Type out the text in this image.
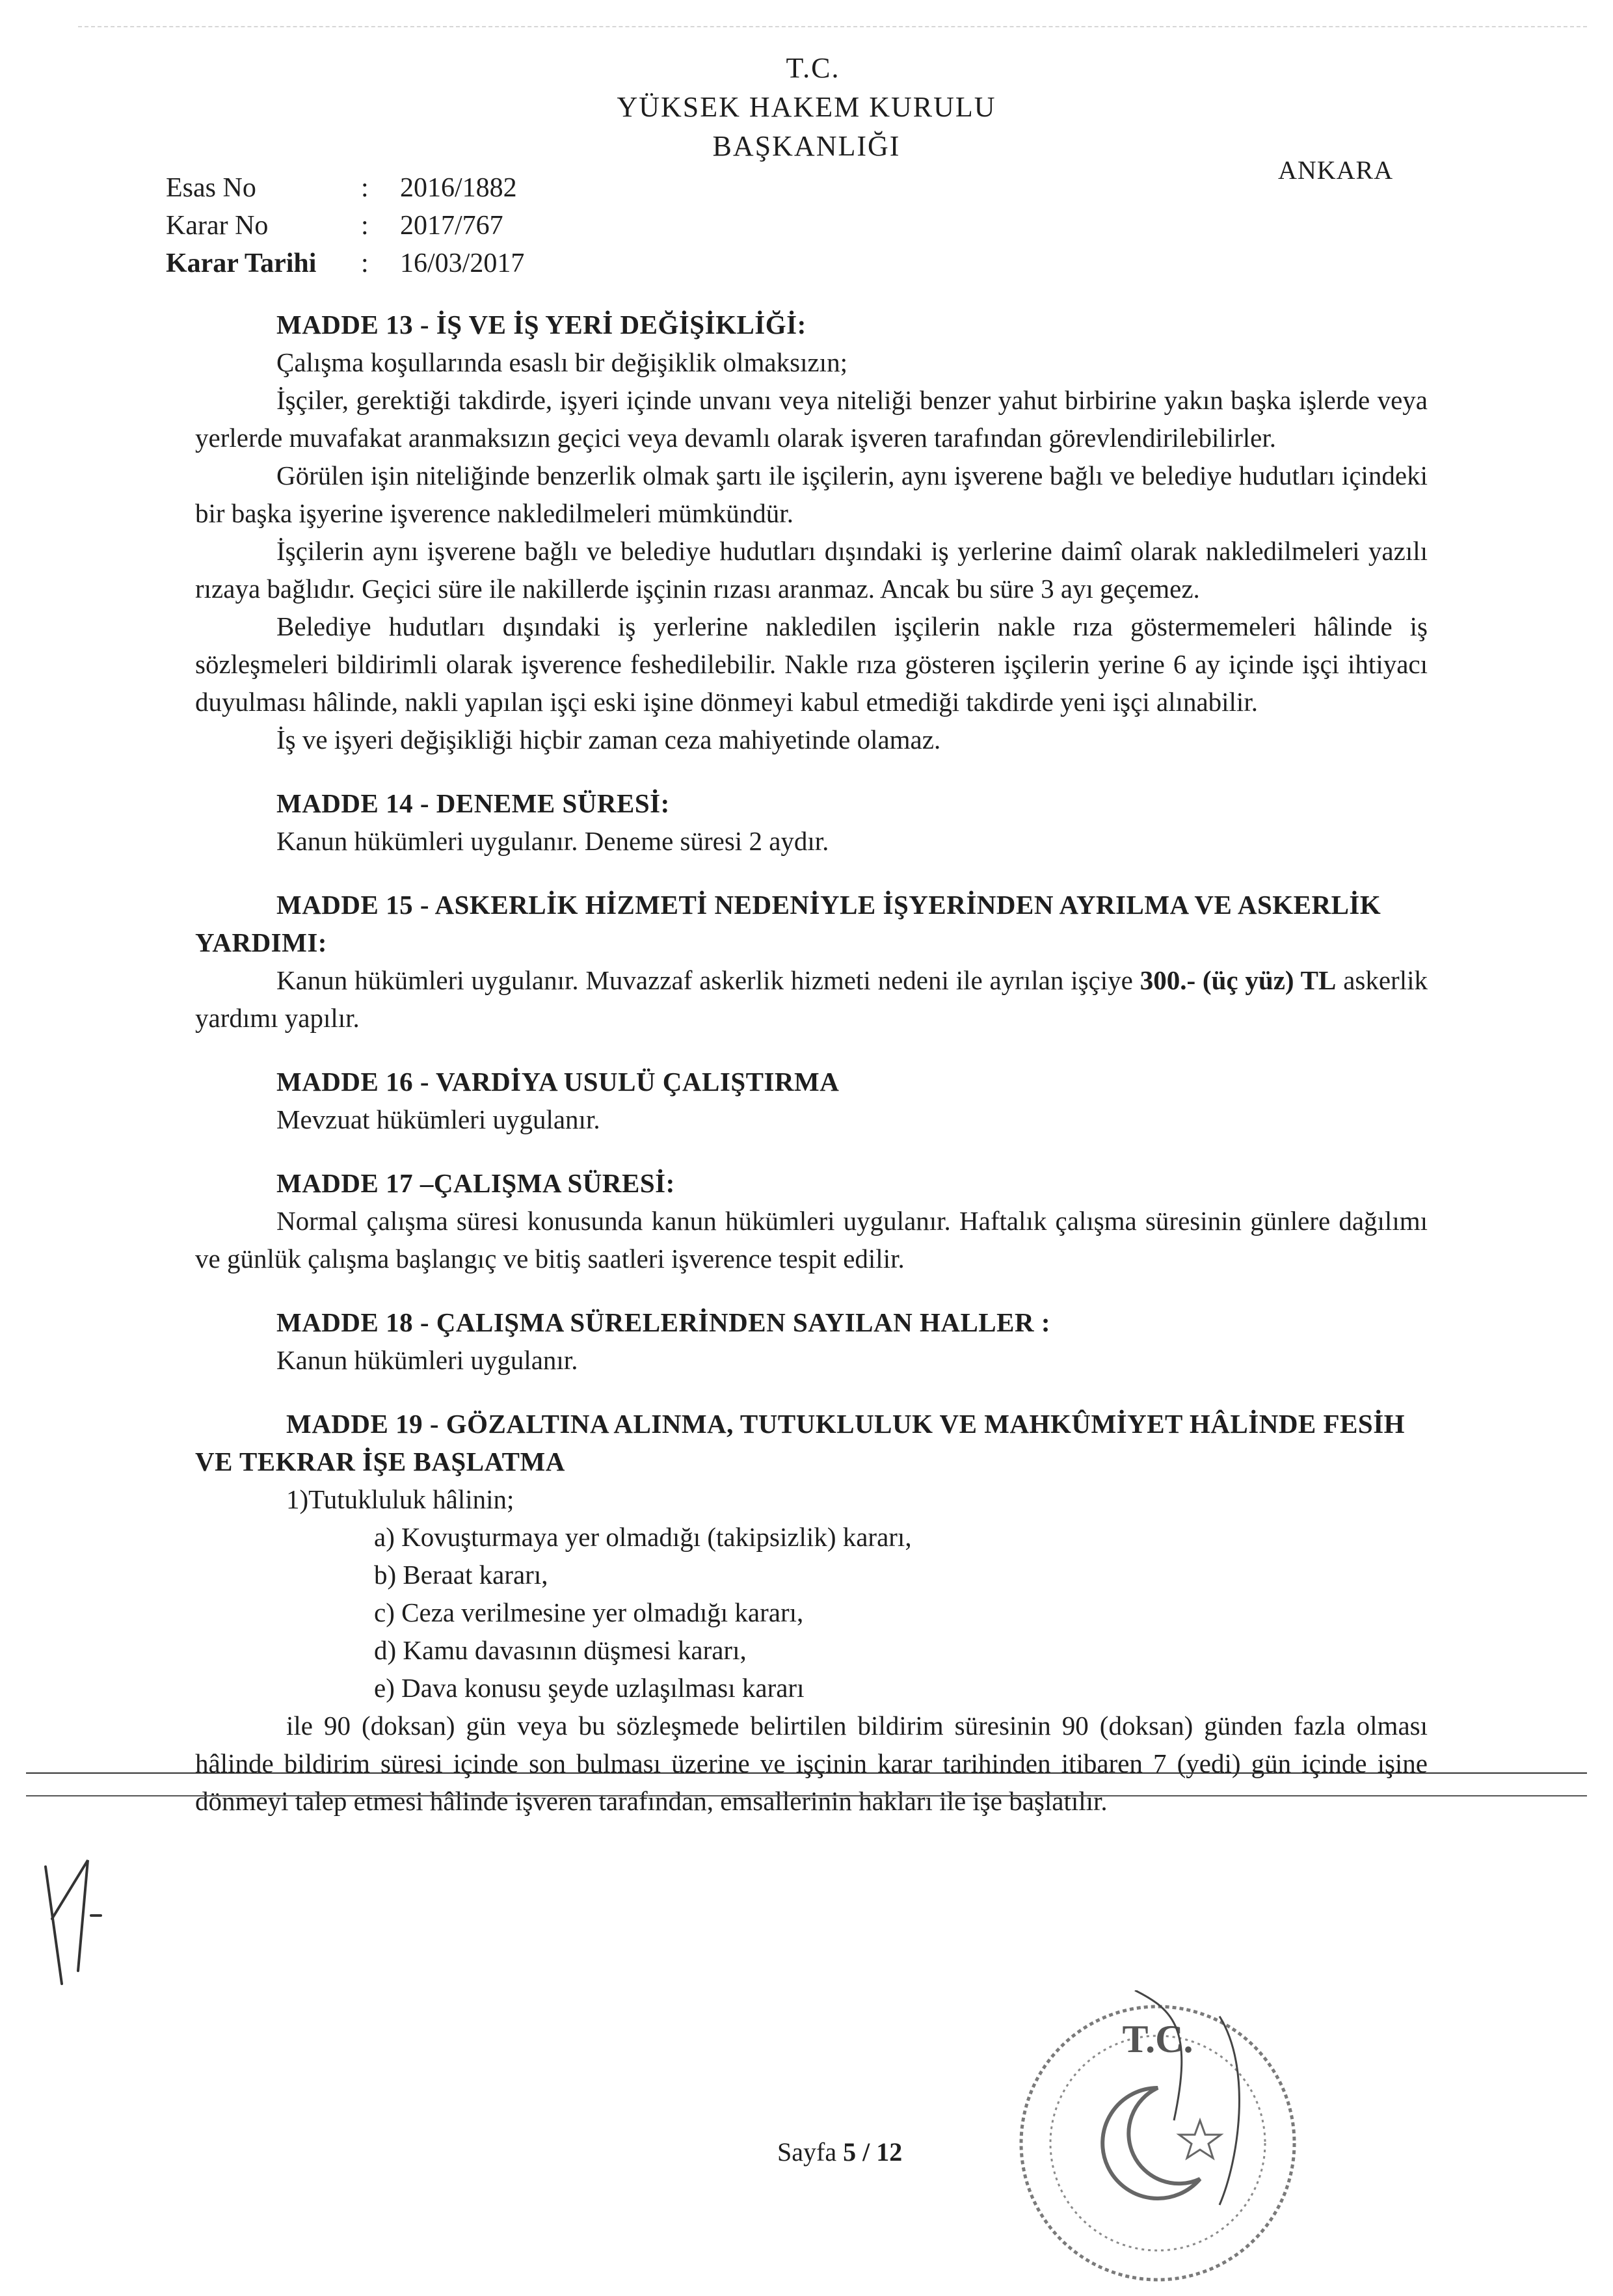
T.C.
YÜKSEK HAKEM KURULU
BAŞKANLIĞI
ANKARA
Esas No	:	2016/1882
Karar No	:	2017/767
Karar Tarihi	:	16/03/2017
MADDE 13 - İŞ VE İŞ YERİ DEĞİŞİKLİĞİ:

Çalışma koşullarında esaslı bir değişiklik olmaksızın;

İşçiler, gerektiği takdirde, işyeri içinde unvanı veya niteliği benzer yahut birbirine yakın başka işlerde veya yerlerde muvafakat aranmaksızın geçici veya devamlı olarak işveren tarafından görevlendirilebilirler.

Görülen işin niteliğinde benzerlik olmak şartı ile işçilerin, aynı işverene bağlı ve belediye hudutları içindeki bir başka işyerine işverence nakledilmeleri mümkündür.

İşçilerin aynı işverene bağlı ve belediye hudutları dışındaki iş yerlerine daimî olarak nakledilmeleri yazılı rızaya bağlıdır. Geçici süre ile nakillerde işçinin rızası aranmaz. Ancak bu süre 3 ayı geçemez.

Belediye hudutları dışındaki iş yerlerine nakledilen işçilerin nakle rıza göstermemeleri hâlinde iş sözleşmeleri bildirimli olarak işverence feshedilebilir. Nakle rıza gösteren işçilerin yerine 6 ay içinde işçi ihtiyacı duyulması hâlinde, nakli yapılan işçi eski işine dönmeyi kabul etmediği takdirde yeni işçi alınabilir.

İş ve işyeri değişikliği hiçbir zaman ceza mahiyetinde olamaz.

MADDE 14 - DENEME SÜRESİ:

Kanun hükümleri uygulanır. Deneme süresi 2 aydır.

MADDE 15 - ASKERLİK HİZMETİ NEDENİYLE İŞYERİNDEN AYRILMA VE ASKERLİK YARDIMI:

Kanun hükümleri uygulanır. Muvazzaf askerlik hizmeti nedeni ile ayrılan işçiye 300.- (üç yüz) TL askerlik yardımı yapılır.

MADDE 16 - VARDİYA USULÜ ÇALIŞTIRMA

Mevzuat hükümleri uygulanır.

MADDE 17 –ÇALIŞMA SÜRESİ:

Normal çalışma süresi konusunda kanun hükümleri uygulanır. Haftalık çalışma süresinin günlere dağılımı ve günlük çalışma başlangıç ve bitiş saatleri işverence tespit edilir.

MADDE 18 - ÇALIŞMA SÜRELERİNDEN SAYILAN HALLER :

Kanun hükümleri uygulanır.

MADDE 19 - GÖZALTINA ALINMA, TUTUKLULUK VE MAHKÛMİYET HÂLİNDE FESİH VE TEKRAR İŞE BAŞLATMA

1)Tutukluluk hâlinin;

a) Kovuşturmaya yer olmadığı (takipsizlik) kararı,
b) Beraat kararı,
c) Ceza verilmesine yer olmadığı kararı,
d) Kamu davasının düşmesi kararı,
e) Dava konusu şeyde uzlaşılması kararı

ile 90 (doksan) gün veya bu sözleşmede belirtilen bildirim süresinin 90 (doksan) günden fazla olması hâlinde bildirim süresi içinde son bulması üzerine ve işçinin karar tarihinden itibaren 7 (yedi) gün içinde işine dönmeyi talep etmesi hâlinde işveren tarafından, emsallerinin hakları ile işe başlatılır.

T.C.
Sayfa 5 / 12
